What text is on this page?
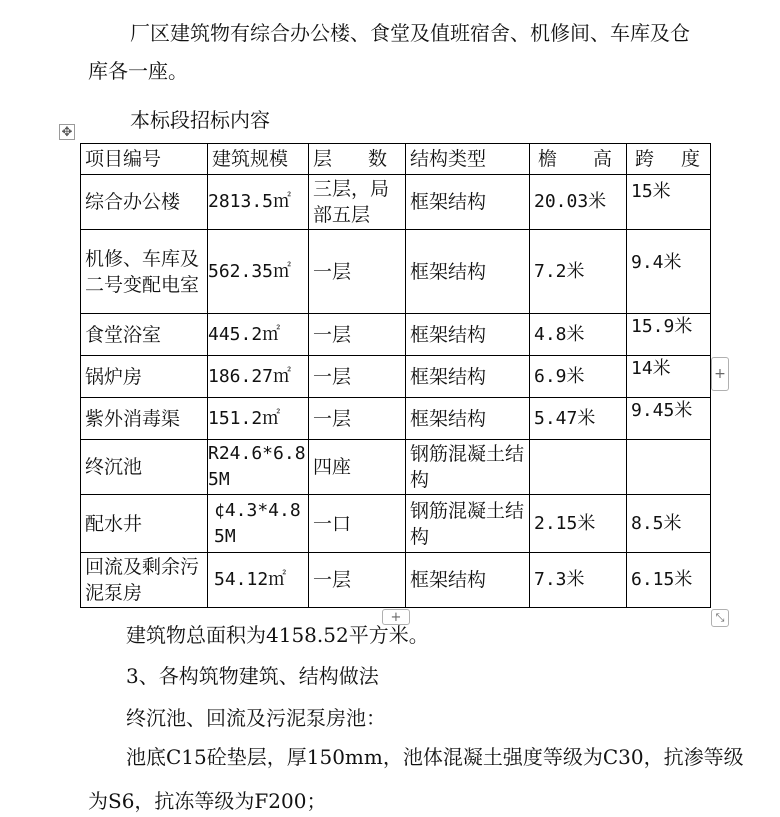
厂区建筑物有综合办公楼、食堂及值班宿舍、机修间、车库及仓库各一座。

本标段招标内容

✥
项目编号	建筑规模	层 数	结构类型	檐 高	跨 度

综合办公楼	2813.5㎡	三层，局部五层	框架结构	20.03米	15米
机修、车库及二号变配电室	562.35㎡	一层	框架结构	7.2米	9.4米
食堂浴室	445.2㎡	一层	框架结构	4.8米	15.9米
锅炉房	186.27㎡	一层	框架结构	6.9米	14米
紫外消毒渠	151.2㎡	一层	框架结构	5.47米	9.45米
终沉池	R24.6*6.85M	四座	钢筋混凝土结构		
配水井	¢4.3*4.85M	一口	钢筋混凝土结构	2.15米	8.5米
回流及剩余污泥泵房	54.12㎡	一层	框架结构	7.3米	6.15米
+
+	⤡

建筑物总面积为4158.52平方米。

3、各构筑物建筑、结构做法

终沉池、回流及污泥泵房池：

池底C15砼垫层，厚150mm，池体混凝土强度等级为C30，抗渗等级

为S6，抗冻等级为F200；
